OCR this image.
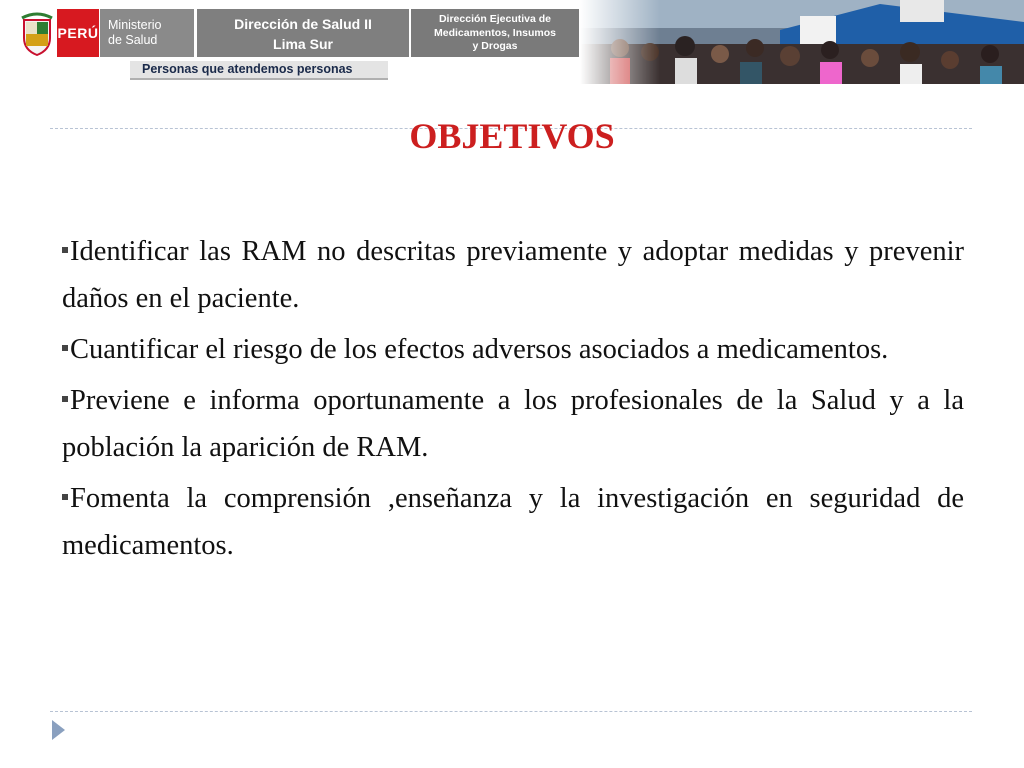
PERÚ Ministerio
de Salud
Dirección de Salud II
Lima Sur
Dirección Ejecutiva de
Medicamentos, Insumos
y Drogas
Personas que atendemos personas
OBJETIVOS

Identificar las RAM no descritas previamente y adoptar medidas y prevenir daños en el paciente.

Cuantificar el riesgo de los efectos adversos asociados a medicamentos.

Previene e informa oportunamente a los profesionales de la Salud y a la población la aparición de RAM.

Fomenta la comprensión ,enseñanza y la investigación en seguridad de medicamentos.
